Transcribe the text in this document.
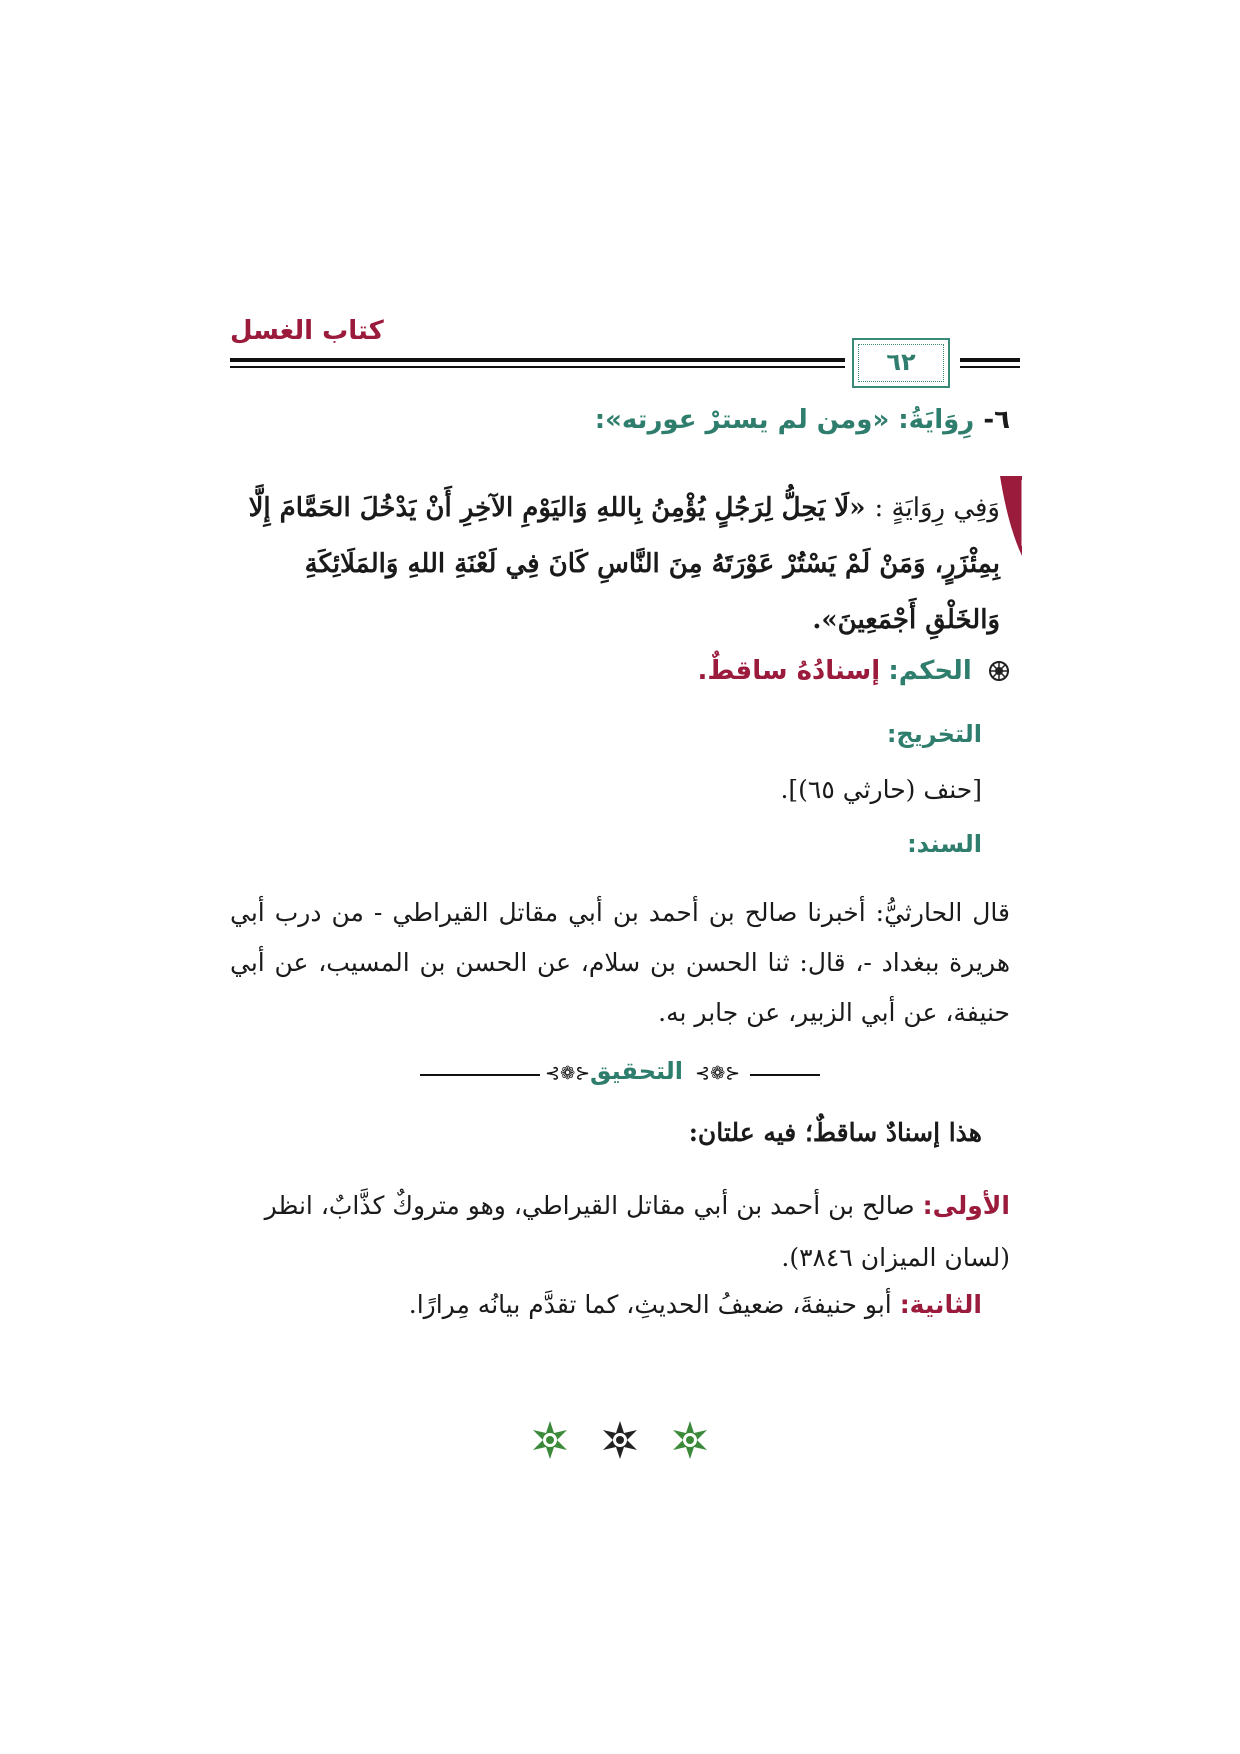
كتاب الغسل
٦٢
٦- رِوَايَةُ: «ومن لم يسترْ عورته»:
وَفِي رِوَايَةٍ : «لَا يَحِلُّ لِرَجُلٍ يُؤْمِنُ بِاللهِ وَاليَوْمِ الآخِرِ أَنْ يَدْخُلَ الحَمَّامَ إِلَّا بِمِئْزَرٍ، وَمَنْ لَمْ يَسْتُرْ عَوْرَتَهُ مِنَ النَّاسِ كَانَ فِي لَعْنَةِ اللهِ وَالمَلَائِكَةِ وَالخَلْقِ أَجْمَعِينَ».
الحكم: إسنادُهُ ساقطٌ.
التخريج:
[حنف (حارثي ٦٥)].
السند:
قال الحارثيُّ: أخبرنا صالح بن أحمد بن أبي مقاتل القيراطي - من درب أبي هريرة ببغداد -، قال: ثنا الحسن بن سلام، عن الحسن بن المسيب، عن أبي حنيفة، عن أبي الزبير، عن جابر به.
⊰❁⊱ التحقيق ⊰❁⊱
هذا إسنادٌ ساقطٌ؛ فيه علتان:
الأولى: صالح بن أحمد بن أبي مقاتل القيراطي، وهو متروكٌ كذَّابٌ، انظر (لسان الميزان ٣٨٤٦).
الثانية: أبو حنيفةَ، ضعيفُ الحديثِ، كما تقدَّم بيانُه مِرارًا.
